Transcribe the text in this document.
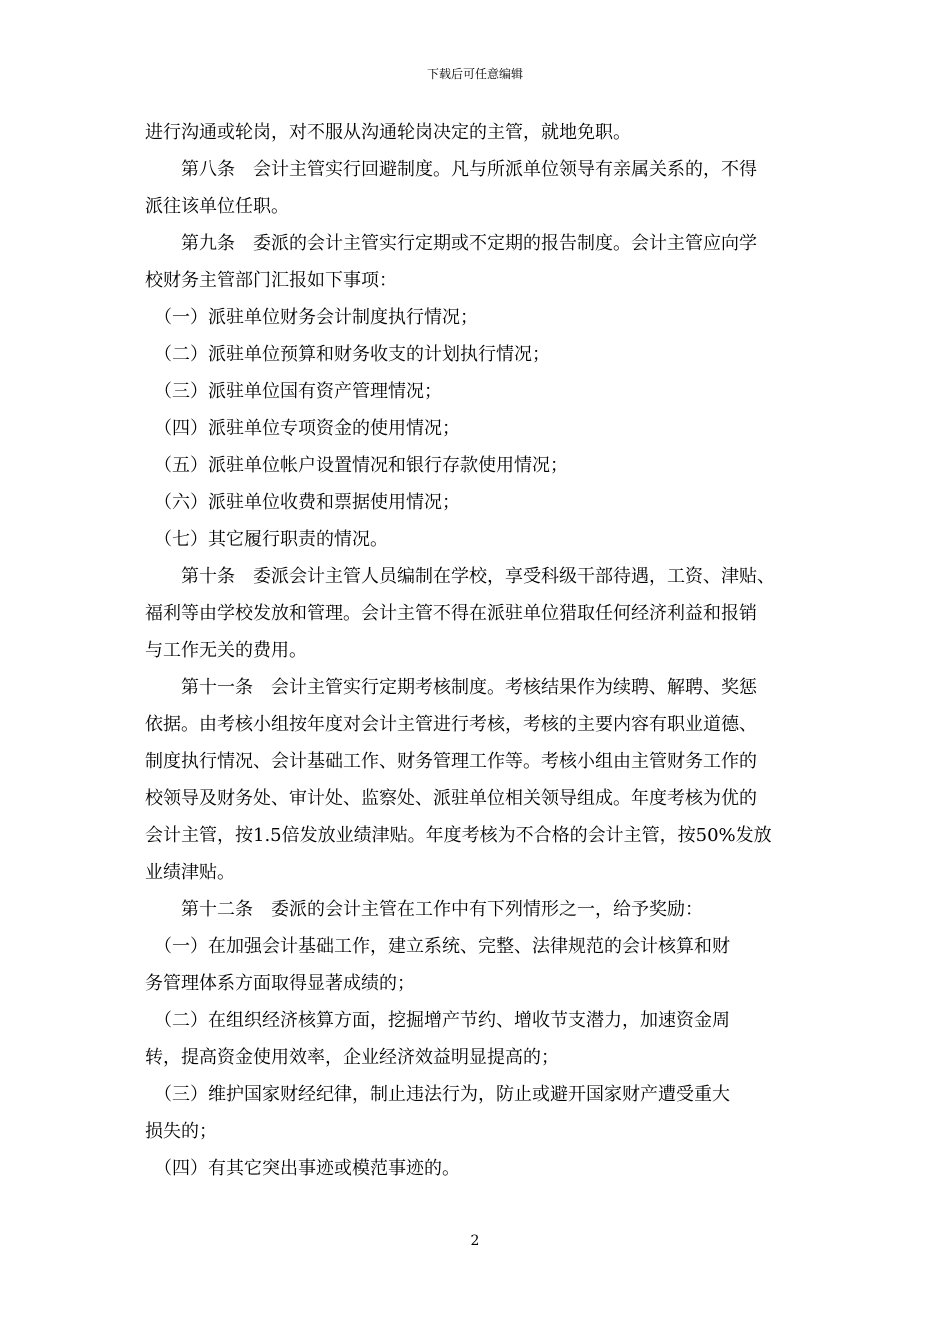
下载后可任意编辑
进行沟通或轮岗，对不服从沟通轮岗决定的主管，就地免职。
　　第八条　会计主管实行回避制度。凡与所派单位领导有亲属关系的，不得
派往该单位任职。
　　第九条　委派的会计主管实行定期或不定期的报告制度。会计主管应向学
校财务主管部门汇报如下事项：
　（一）派驻单位财务会计制度执行情况；
　（二）派驻单位预算和财务收支的计划执行情况；
　（三）派驻单位国有资产管理情况；
　（四）派驻单位专项资金的使用情况；
　（五）派驻单位帐户设置情况和银行存款使用情况；
　（六）派驻单位收费和票据使用情况；
　（七）其它履行职责的情况。
　　第十条　委派会计主管人员编制在学校，享受科级干部待遇，工资、津贴、
福利等由学校发放和管理。会计主管不得在派驻单位猎取任何经济利益和报销
与工作无关的费用。
　　第十一条　会计主管实行定期考核制度。考核结果作为续聘、解聘、奖惩
依据。由考核小组按年度对会计主管进行考核，考核的主要内容有职业道德、
制度执行情况、会计基础工作、财务管理工作等。考核小组由主管财务工作的
校领导及财务处、审计处、监察处、派驻单位相关领导组成。年度考核为优的
会计主管，按1.5倍发放业绩津贴。年度考核为不合格的会计主管，按50%发放
业绩津贴。
　　第十二条　委派的会计主管在工作中有下列情形之一，给予奖励：
　（一）在加强会计基础工作，建立系统、完整、法律规范的会计核算和财
务管理体系方面取得显著成绩的；
　（二）在组织经济核算方面，挖掘增产节约、增收节支潜力，加速资金周
转，提高资金使用效率，企业经济效益明显提高的；
　（三）维护国家财经纪律，制止违法行为，防止或避开国家财产遭受重大
损失的；
　（四）有其它突出事迹或模范事迹的。
2
